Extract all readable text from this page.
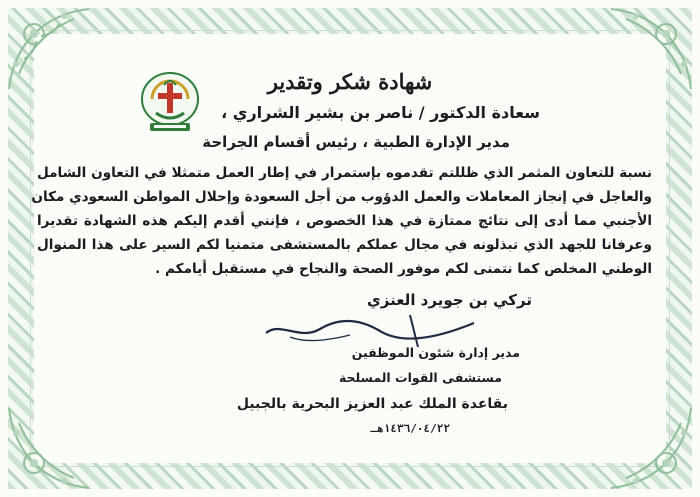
شهادة شكر وتقدير
سعادة الدكتور / ناصر بن بشير الشراري ،
مدير الإدارة الطبية ، رئيس أقسام الجراحة
نسبة للتعاون المثمر الذي ظللتم تقدموه بإستمرار في إطار العمل متمثلا في التعاون الشامل
والعاجل في إنجاز المعاملات والعمل الدؤوب من أجل السعودة وإحلال المواطن السعودي مكان
الأجنبي مما أدى إلى نتائج ممتازة في هذا الخصوص ، فإنني أقدم إليكم هذه الشهادة تقديرا
وعرفانا للجهد الذي تبذلونه في مجال عملكم بالمستشفى متمنيا لكم السير على هذا المنوال
الوطني المخلص كما نتمنى لكم موفور الصحة والنجاح في مستقبل أيامكم .
تركي بن جويرد العنزي
مدير إدارة شئون الموظفين
مستشفى القوات المسلحة
بقاعدة الملك عبد العزيز البحرية بالجبيل
١٤٣٦/٠٤/٢٢هـ
